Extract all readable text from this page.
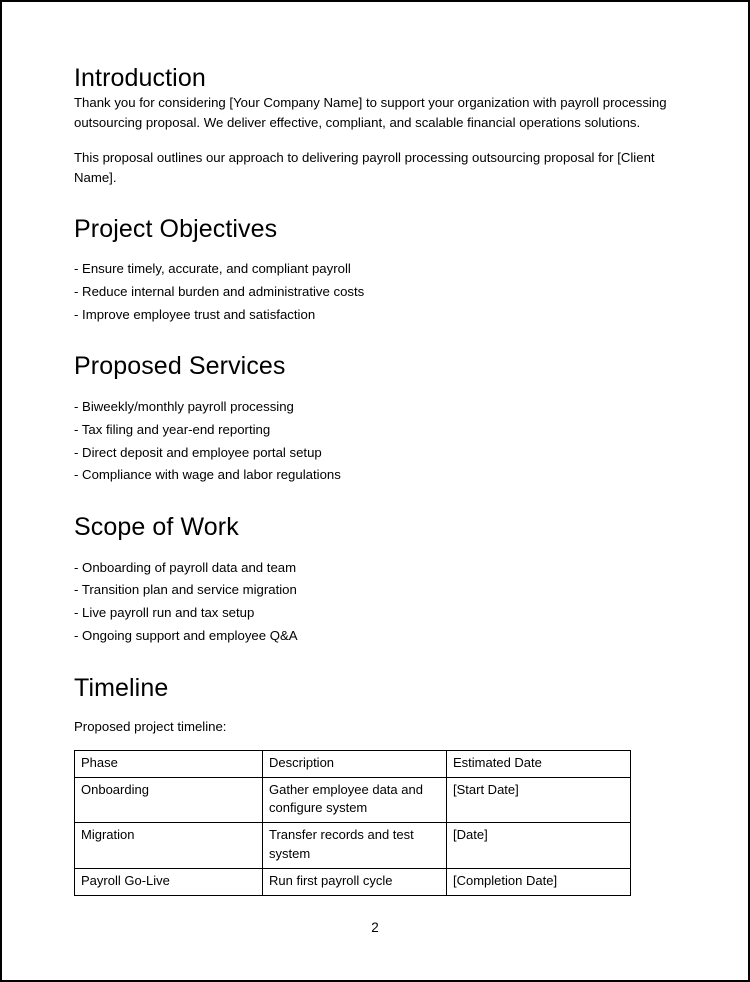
Introduction

Thank you for considering [Your Company Name] to support your organization with payroll processing outsourcing proposal. We deliver effective, compliant, and scalable financial operations solutions.

This proposal outlines our approach to delivering payroll processing outsourcing proposal for [Client Name].

Project Objectives
- Ensure timely, accurate, and compliant payroll
- Reduce internal burden and administrative costs
- Improve employee trust and satisfaction
Proposed Services
- Biweekly/monthly payroll processing
- Tax filing and year-end reporting
- Direct deposit and employee portal setup
- Compliance with wage and labor regulations
Scope of Work
- Onboarding of payroll data and team
- Transition plan and service migration
- Live payroll run and tax setup
- Ongoing support and employee Q&A
Timeline

Proposed project timeline:

Phase	Description	Estimated Date
Onboarding	Gather employee data and configure system	[Start Date]
Migration	Transfer records and test system	[Date]
Payroll Go-Live	Run first payroll cycle	[Completion Date]
2
